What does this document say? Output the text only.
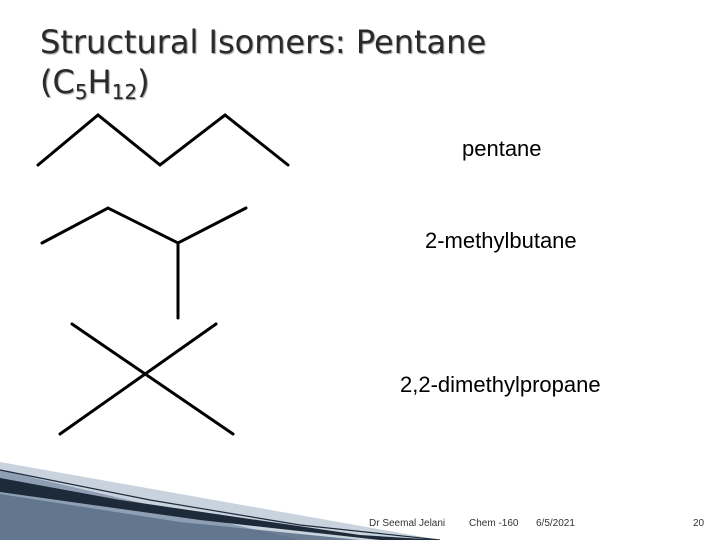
Structural Isomers: Pentane
$(C_5H_{12})$
pentane
2-methylbutane
2,2-dimethylpropane
Dr Seemal Jelani Chem -160 6/5/2021	20
